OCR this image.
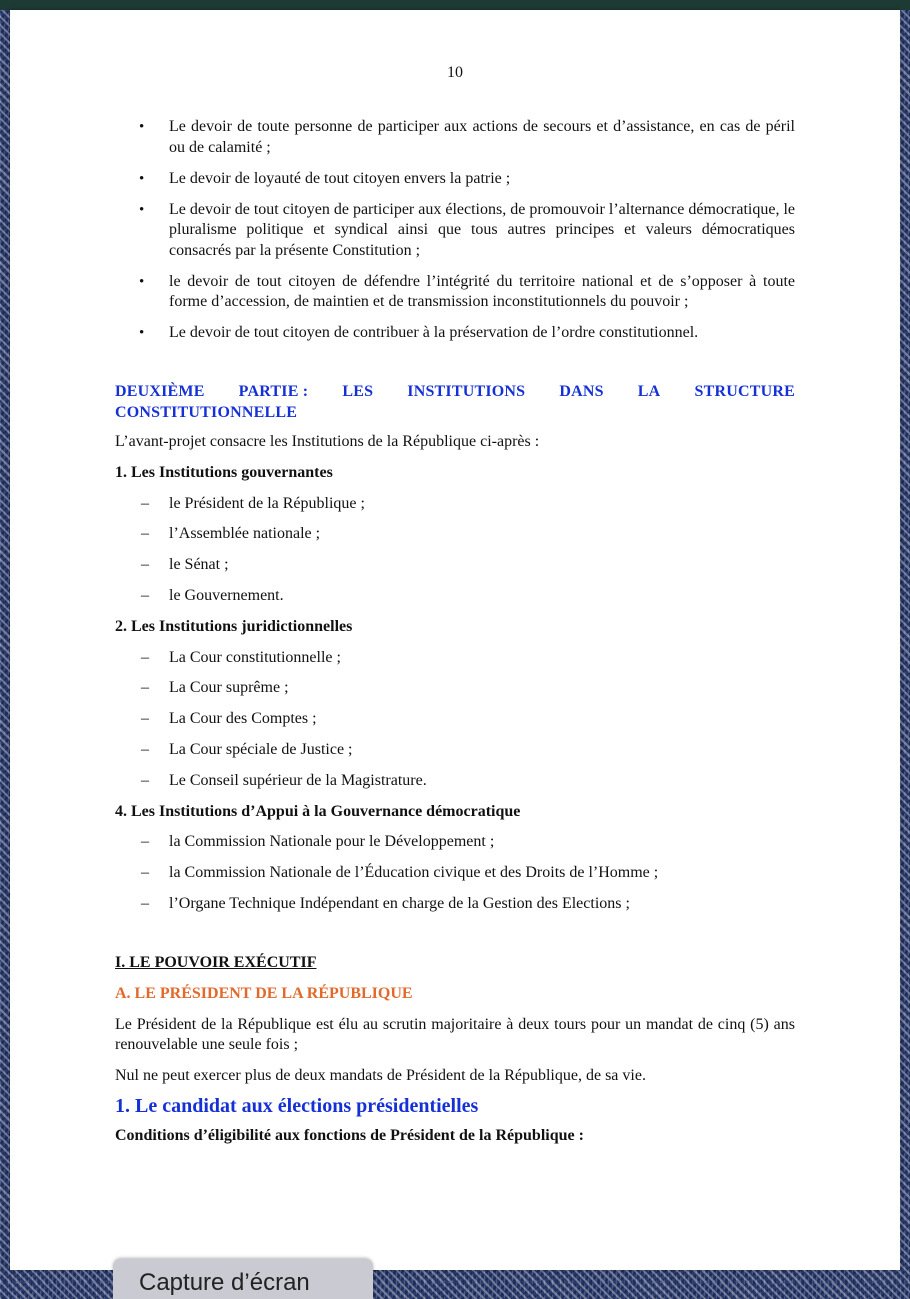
10
• Le devoir de toute personne de participer aux actions de secours et d’assistance, en cas de péril ou de calamité ;
• Le devoir de loyauté de tout citoyen envers la patrie ;
• Le devoir de tout citoyen de participer aux élections, de promouvoir l’alternance démocratique, le pluralisme politique et syndical ainsi que tous autres principes et valeurs démocratiques consacrés par la présente Constitution ;
• le devoir de tout citoyen de défendre l’intégrité du territoire national et de s’opposer à toute forme d’accession, de maintien et de transmission inconstitutionnels du pouvoir ;
• Le devoir de tout citoyen de contribuer à la préservation de l’ordre constitutionnel.
DEUXIÈME PARTIE : LES INSTITUTIONS DANS LA STRUCTURE
CONSTITUTIONNELLE
L’avant-projet consacre les Institutions de la République ci-après :
1. Les Institutions gouvernantes
– le Président de la République ;
– l’Assemblée nationale ;
– le Sénat ;
– le Gouvernement.
2. Les Institutions juridictionnelles
– La Cour constitutionnelle ;
– La Cour suprême ;
– La Cour des Comptes ;
– La Cour spéciale de Justice ;
– Le Conseil supérieur de la Magistrature.
4. Les Institutions d’Appui à la Gouvernance démocratique
– la Commission Nationale pour le Développement ;
– la Commission Nationale de l’Éducation civique et des Droits de l’Homme ;
– l’Organe Technique Indépendant en charge de la Gestion des Elections ;
I. LE POUVOIR EXÉCUTIF
A. LE PRÉSIDENT DE LA RÉPUBLIQUE
Le Président de la République est élu au scrutin majoritaire à deux tours pour un mandat de cinq (5) ans renouvelable une seule fois ;
Nul ne peut exercer plus de deux mandats de Président de la République, de sa vie.
1. Le candidat aux élections présidentielles
Conditions d’éligibilité aux fonctions de Président de la République :
Capture d’écran
